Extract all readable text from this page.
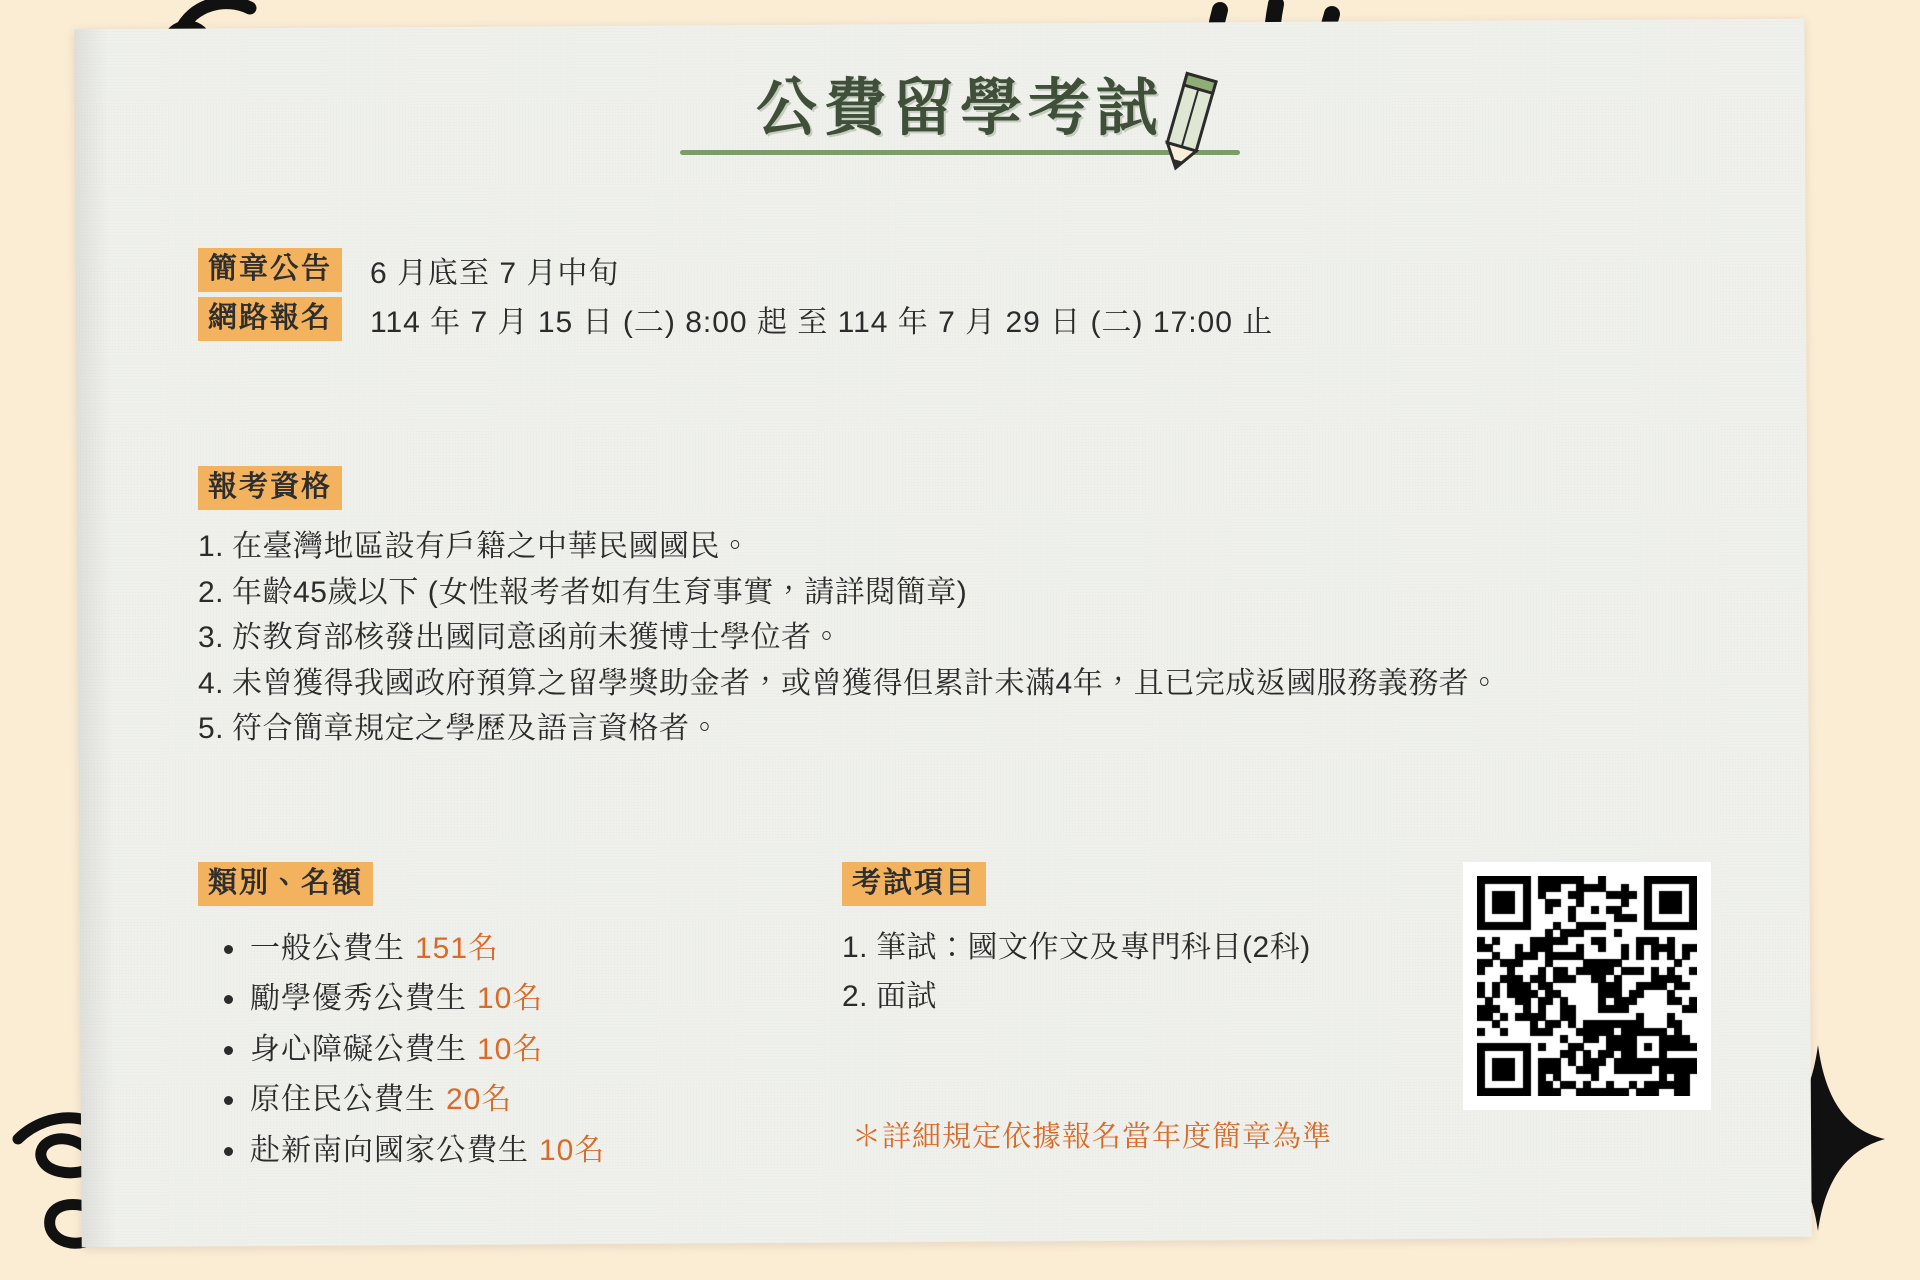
公費留學考試
簡章公告	6 月底至 7 月中旬
網路報名	114 年 7 月 15 日 (二) 8:00 起 至 114 年 7 月 29 日 (二) 17:00 止
報考資格
1. 在臺灣地區設有戶籍之中華民國國民。
2. 年齡45歲以下 (女性報考者如有生育事實，請詳閱簡章)
3. 於教育部核發出國同意函前未獲博士學位者。
4. 未曾獲得我國政府預算之留學獎助金者，或曾獲得但累計未滿4年，且已完成返國服務義務者。
5. 符合簡章規定之學歷及語言資格者。
類別、名額
一般公費生 151名
勵學優秀公費生 10名
身心障礙公費生 10名
原住民公費生 20名
赴新南向國家公費生 10名
考試項目
1. 筆試：國文作文及專門科目(2科)
2. 面試
＊詳細規定依據報名當年度簡章為準
